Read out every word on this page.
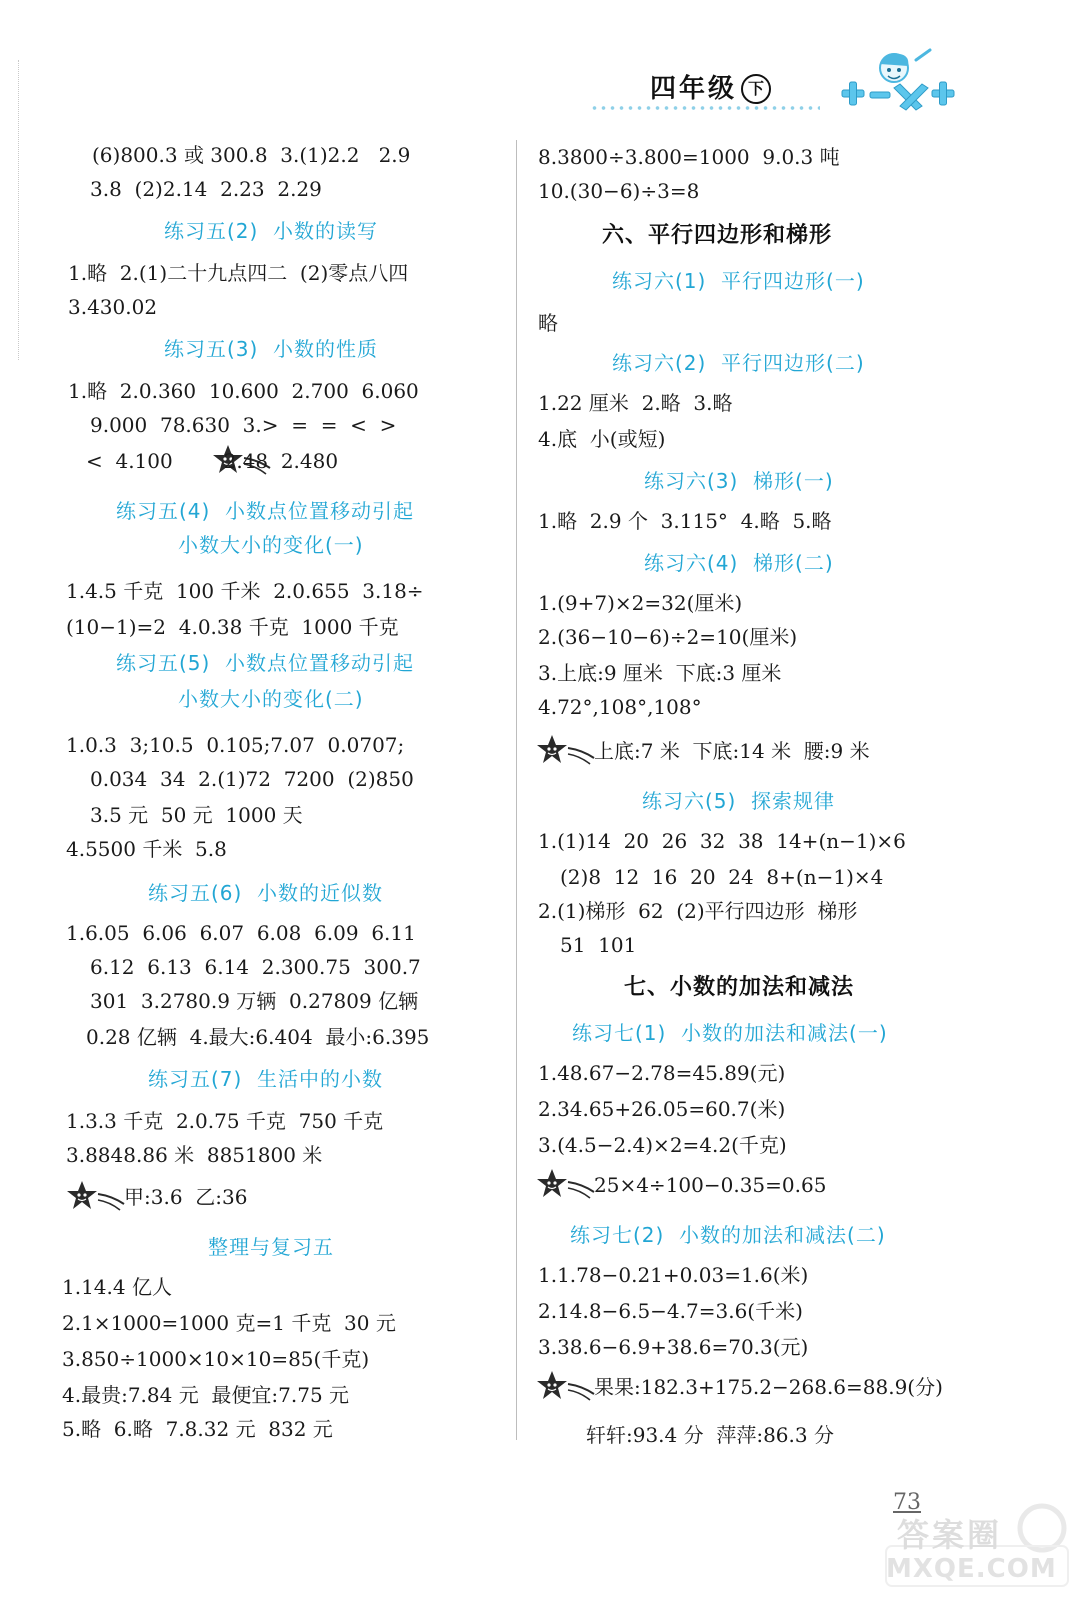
四年级 下
(6)800.3 或 300.8  3.(1)2.2   2.9
3.8  (2)2.14  2.23  2.29
练习五(2)  小数的读写
1.略  2.(1)二十九点四二  (2)零点八四
3.430.02
练习五(3)  小数的性质
1.略  2.0.360  10.600  2.700  6.060
9.000  78.630  3.>  =  =  <  >
<  4.100        2.48  2.480
练习五(4)  小数点位置移动引起
小数大小的变化(一)
1.4.5 千克  100 千米  2.0.655  3.18÷
(10−1)=2  4.0.38 千克  1000 千克
练习五(5)  小数点位置移动引起
小数大小的变化(二)
1.0.3  3;10.5  0.105;7.07  0.0707;
0.034  34  2.(1)72  7200  (2)850
3.5 元  50 元  1000 天
4.5500 千米  5.8
练习五(6)  小数的近似数
1.6.05  6.06  6.07  6.08  6.09  6.11
6.12  6.13  6.14  2.300.75  300.7
301  3.2780.9 万辆  0.27809 亿辆
0.28 亿辆  4.最大:6.404  最小:6.395
练习五(7)  生活中的小数
1.3.3 千克  2.0.75 千克  750 千克
3.8848.86 米  8851800 米
甲:3.6  乙:36
整理与复习五
1.14.4 亿人
2.1×1000=1000 克=1 千克  30 元
3.850÷1000×10×10=85(千克)
4.最贵:7.84 元  最便宜:7.75 元
5.略  6.略  7.8.32 元  832 元
8.3800÷3.800=1000  9.0.3 吨
10.(30−6)÷3=8
六、平行四边形和梯形
练习六(1)  平行四边形(一)
略
练习六(2)  平行四边形(二)
1.22 厘米  2.略  3.略
4.底  小(或短)
练习六(3)  梯形(一)
1.略  2.9 个  3.115°  4.略  5.略
练习六(4)  梯形(二)
1.(9+7)×2=32(厘米)
2.(36−10−6)÷2=10(厘米)
3.上底:9 厘米  下底:3 厘米
4.72°,108°,108°
上底:7 米  下底:14 米  腰:9 米
练习六(5)  探索规律
1.(1)14  20  26  32  38  14+(n−1)×6
(2)8  12  16  20  24  8+(n−1)×4
2.(1)梯形  62  (2)平行四边形  梯形
51  101
七、小数的加法和减法
练习七(1)  小数的加法和减法(一)
1.48.67−2.78=45.89(元)
2.34.65+26.05=60.7(米)
3.(4.5−2.4)×2=4.2(千克)
25×4÷100−0.35=0.65
练习七(2)  小数的加法和减法(二)
1.1.78−0.21+0.03=1.6(米)
2.14.8−6.5−4.7=3.6(千米)
3.38.6−6.9+38.6=70.3(元)
果果:182.3+175.2−268.6=88.9(分)
轩轩:93.4 分  萍萍:86.3 分
73
答案圈
MXQE.COM
